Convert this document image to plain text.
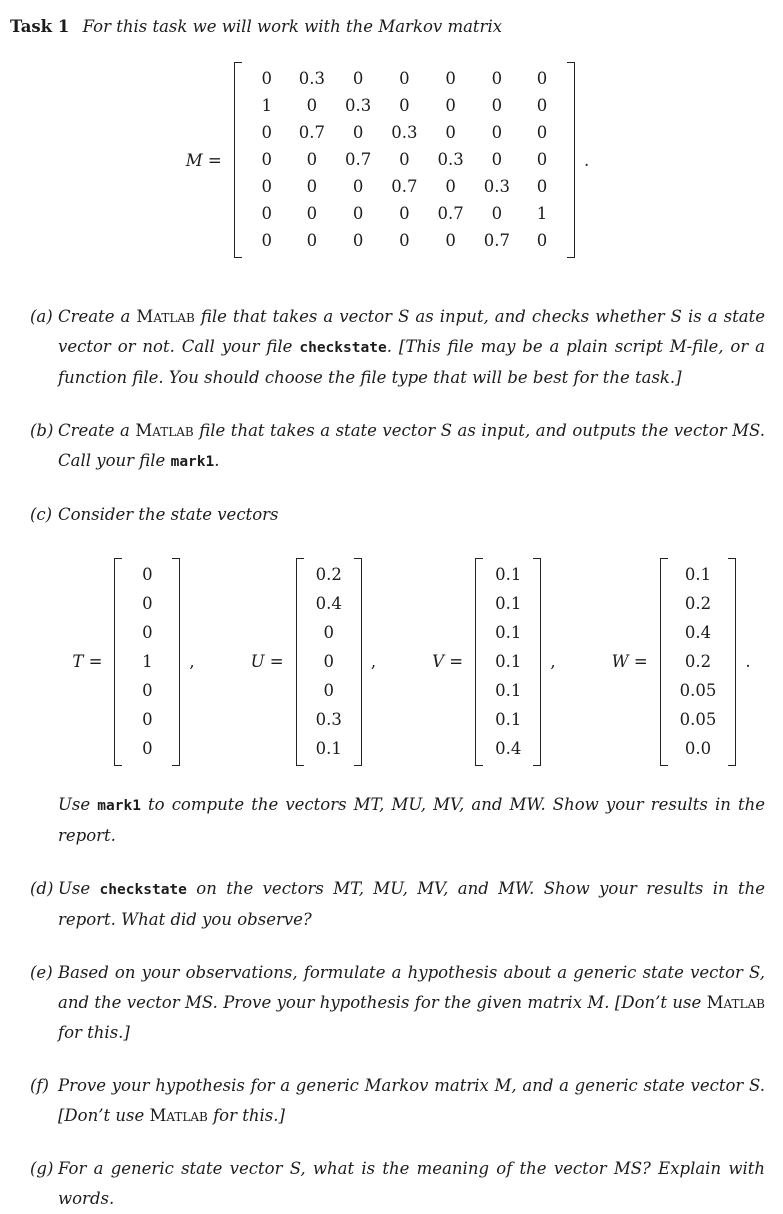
Task 1 For this task we will work with the Markov matrix
M =
0	0.3	0	0	0	0	0
1	0	0.3	0	0	0	0
0	0.7	0	0.3	0	0	0
0	0	0.7	0	0.3	0	0
0	0	0	0.7	0	0.3	0
0	0	0	0	0.7	0	1
0	0	0	0	0	0.7	0
.
(a) Create a Matlab file that takes a vector S as input, and checks whether S is a state vector or not. Call your file checkstate. [This file may be a plain script M-file, or a function file. You should choose the file type that will be best for the task.]
(b) Create a Matlab file that takes a state vector S as input, and outputs the vector MS. Call your file mark1.
(c) Consider the state vectors
T =
0
0
0
1
0
0
0
,	U =
0.2
0.4
0
0
0
0.3
0.1
,	V =
0.1
0.1
0.1
0.1
0.1
0.1
0.4
,	W =
0.1
0.2
0.4
0.2
0.05
0.05
0.0
.
Use mark1 to compute the vectors MT, MU, MV, and MW. Show your results in the report.
(d) Use checkstate on the vectors MT, MU, MV, and MW. Show your results in the report. What did you observe?
(e) Based on your observations, formulate a hypothesis about a generic state vector S, and the vector MS. Prove your hypothesis for the given matrix M. [Don’t use Matlab for this.]
(f) Prove your hypothesis for a generic Markov matrix M, and a generic state vector S. [Don’t use Matlab for this.]
(g) For a generic state vector S, what is the meaning of the vector MS? Explain with words.
